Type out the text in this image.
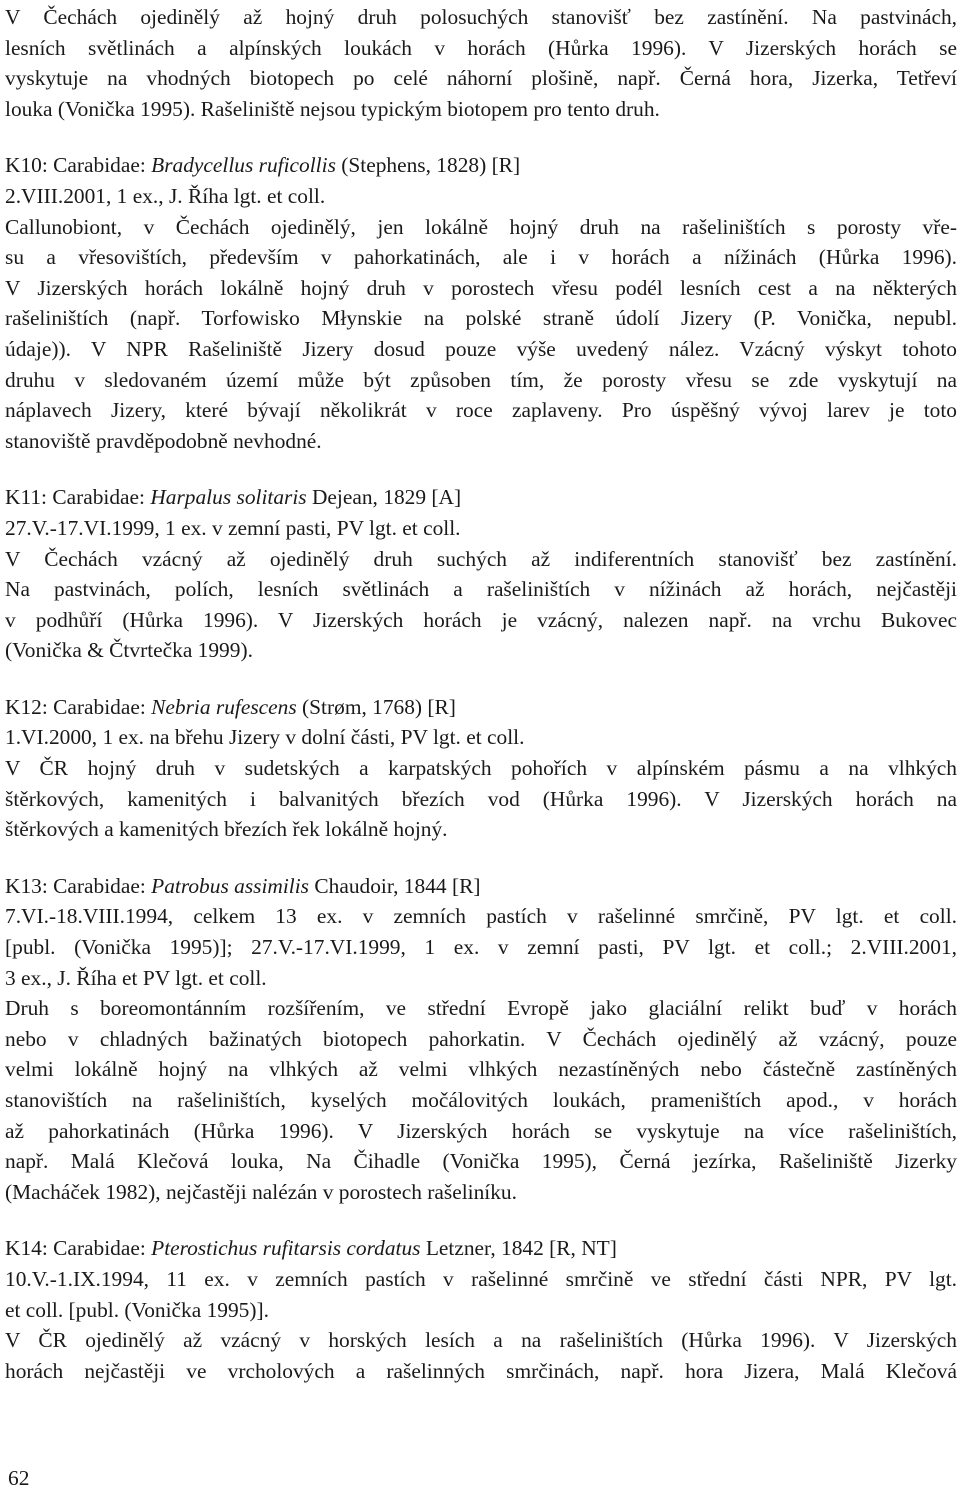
V Čechách ojedinělý až hojný druh polosuchých stanovišť bez zastínění. Na pastvinách,
lesních světlinách a alpínských loukách v horách (Hůrka 1996). V Jizerských horách se
vyskytuje na vhodných biotopech po celé náhorní plošině, např. Černá hora, Jizerka, Tetřeví
louka (Vonička 1995). Rašeliniště nejsou typickým biotopem pro tento druh.
K10: Carabidae: Bradycellus ruficollis (Stephens, 1828) [R]
2.VIII.2001, 1 ex., J. Říha lgt. et coll.
Callunobiont, v Čechách ojedinělý, jen lokálně hojný druh na rašeliništích s porosty vře-
su a vřesovištích, především v pahorkatinách, ale i v horách a nížinách (Hůrka 1996).
V Jizerských horách lokálně hojný druh v porostech vřesu podél lesních cest a na některých
rašeliništích (např. Torfowisko Młynskie na polské straně údolí Jizery (P. Vonička, nepubl.
údaje)). V NPR Rašeliniště Jizery dosud pouze výše uvedený nález. Vzácný výskyt tohoto
druhu v sledovaném území může být způsoben tím, že porosty vřesu se zde vyskytují na
náplavech Jizery, které bývají několikrát v roce zaplaveny. Pro úspěšný vývoj larev je toto
stanoviště pravděpodobně nevhodné.
K11: Carabidae: Harpalus solitaris Dejean, 1829 [A]
27.V.-17.VI.1999, 1 ex. v zemní pasti, PV lgt. et coll.
V Čechách vzácný až ojedinělý druh suchých až indiferentních stanovišť bez zastínění.
Na pastvinách, polích, lesních světlinách a rašeliništích v nížinách až horách, nejčastěji
v podhůří (Hůrka 1996). V Jizerských horách je vzácný, nalezen např. na vrchu Bukovec
(Vonička & Čtvrtečka 1999).
K12: Carabidae: Nebria rufescens (Strøm, 1768) [R]
1.VI.2000, 1 ex. na břehu Jizery v dolní části, PV lgt. et coll.
V ČR hojný druh v sudetských a karpatských pohořích v alpínském pásmu a na vlhkých
štěrkových, kamenitých i balvanitých březích vod (Hůrka 1996). V Jizerských horách na
štěrkových a kamenitých březích řek lokálně hojný.
K13: Carabidae: Patrobus assimilis Chaudoir, 1844 [R]
7.VI.-18.VIII.1994, celkem 13 ex. v zemních pastích v rašelinné smrčině, PV lgt. et coll.
[publ. (Vonička 1995)]; 27.V.-17.VI.1999, 1 ex. v zemní pasti, PV lgt. et coll.; 2.VIII.2001,
3 ex., J. Říha et PV lgt. et coll.
Druh s boreomontánním rozšířením, ve střední Evropě jako glaciální relikt buď v horách
nebo v chladných bažinatých biotopech pahorkatin. V Čechách ojedinělý až vzácný, pouze
velmi lokálně hojný na vlhkých až velmi vlhkých nezastíněných nebo částečně zastíněných
stanovištích na rašeliništích, kyselých močálovitých loukách, prameništích apod., v horách
až pahorkatinách (Hůrka 1996). V Jizerských horách se vyskytuje na více rašeliništích,
např. Malá Klečová louka, Na Čihadle (Vonička 1995), Černá jezírka, Rašeliniště Jizerky
(Macháček 1982), nejčastěji nalézán v porostech rašeliníku.
K14: Carabidae: Pterostichus rufitarsis cordatus Letzner, 1842 [R, NT]
10.V.-1.IX.1994, 11 ex. v zemních pastích v rašelinné smrčině ve střední části NPR, PV lgt.
et coll. [publ. (Vonička 1995)].
V ČR ojedinělý až vzácný v horských lesích a na rašeliništích (Hůrka 1996). V Jizerských
horách nejčastěji ve vrcholových a rašelinných smrčinách, např. hora Jizera, Malá Klečová
62
